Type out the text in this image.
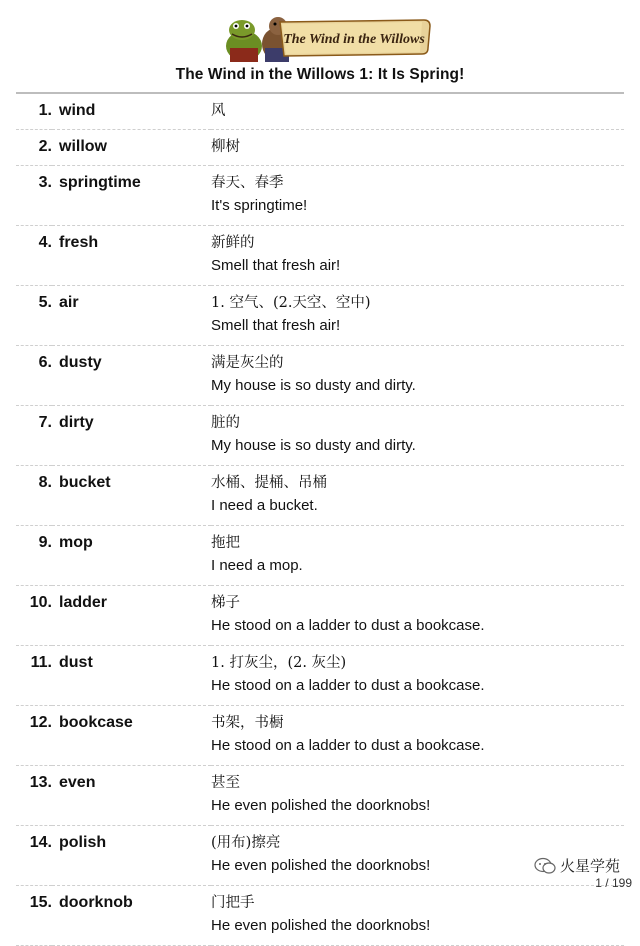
The Wind in the Willows
The Wind in the Willows 1: It Is Spring!
1.	wind	风

2.	willow	柳树

3.	springtime	春天、春季
It's springtime!

4.	fresh	新鲜的
Smell that fresh air!

5.	air	1. 空气、(2.天空、空中)
Smell that fresh air!

6.	dusty	满是灰尘的
My house is so dusty and dirty.

7.	dirty	脏的
My house is so dusty and dirty.

8.	bucket	水桶、提桶、吊桶
I need a bucket.

9.	mop	拖把
I need a mop.

10.	ladder	梯子
He stood on a ladder to dust a bookcase.

11.	dust	1. 打灰尘，(2. 灰尘)
He stood on a ladder to dust a bookcase.

12.	bookcase	书架，书橱
He stood on a ladder to dust a bookcase.

13.	even	甚至
He even polished the doorknobs!

14.	polish	(用布)擦亮
He even polished the doorknobs!

15.	doorknob	门把手
He even polished the doorknobs!
火星学苑
1 / 199
